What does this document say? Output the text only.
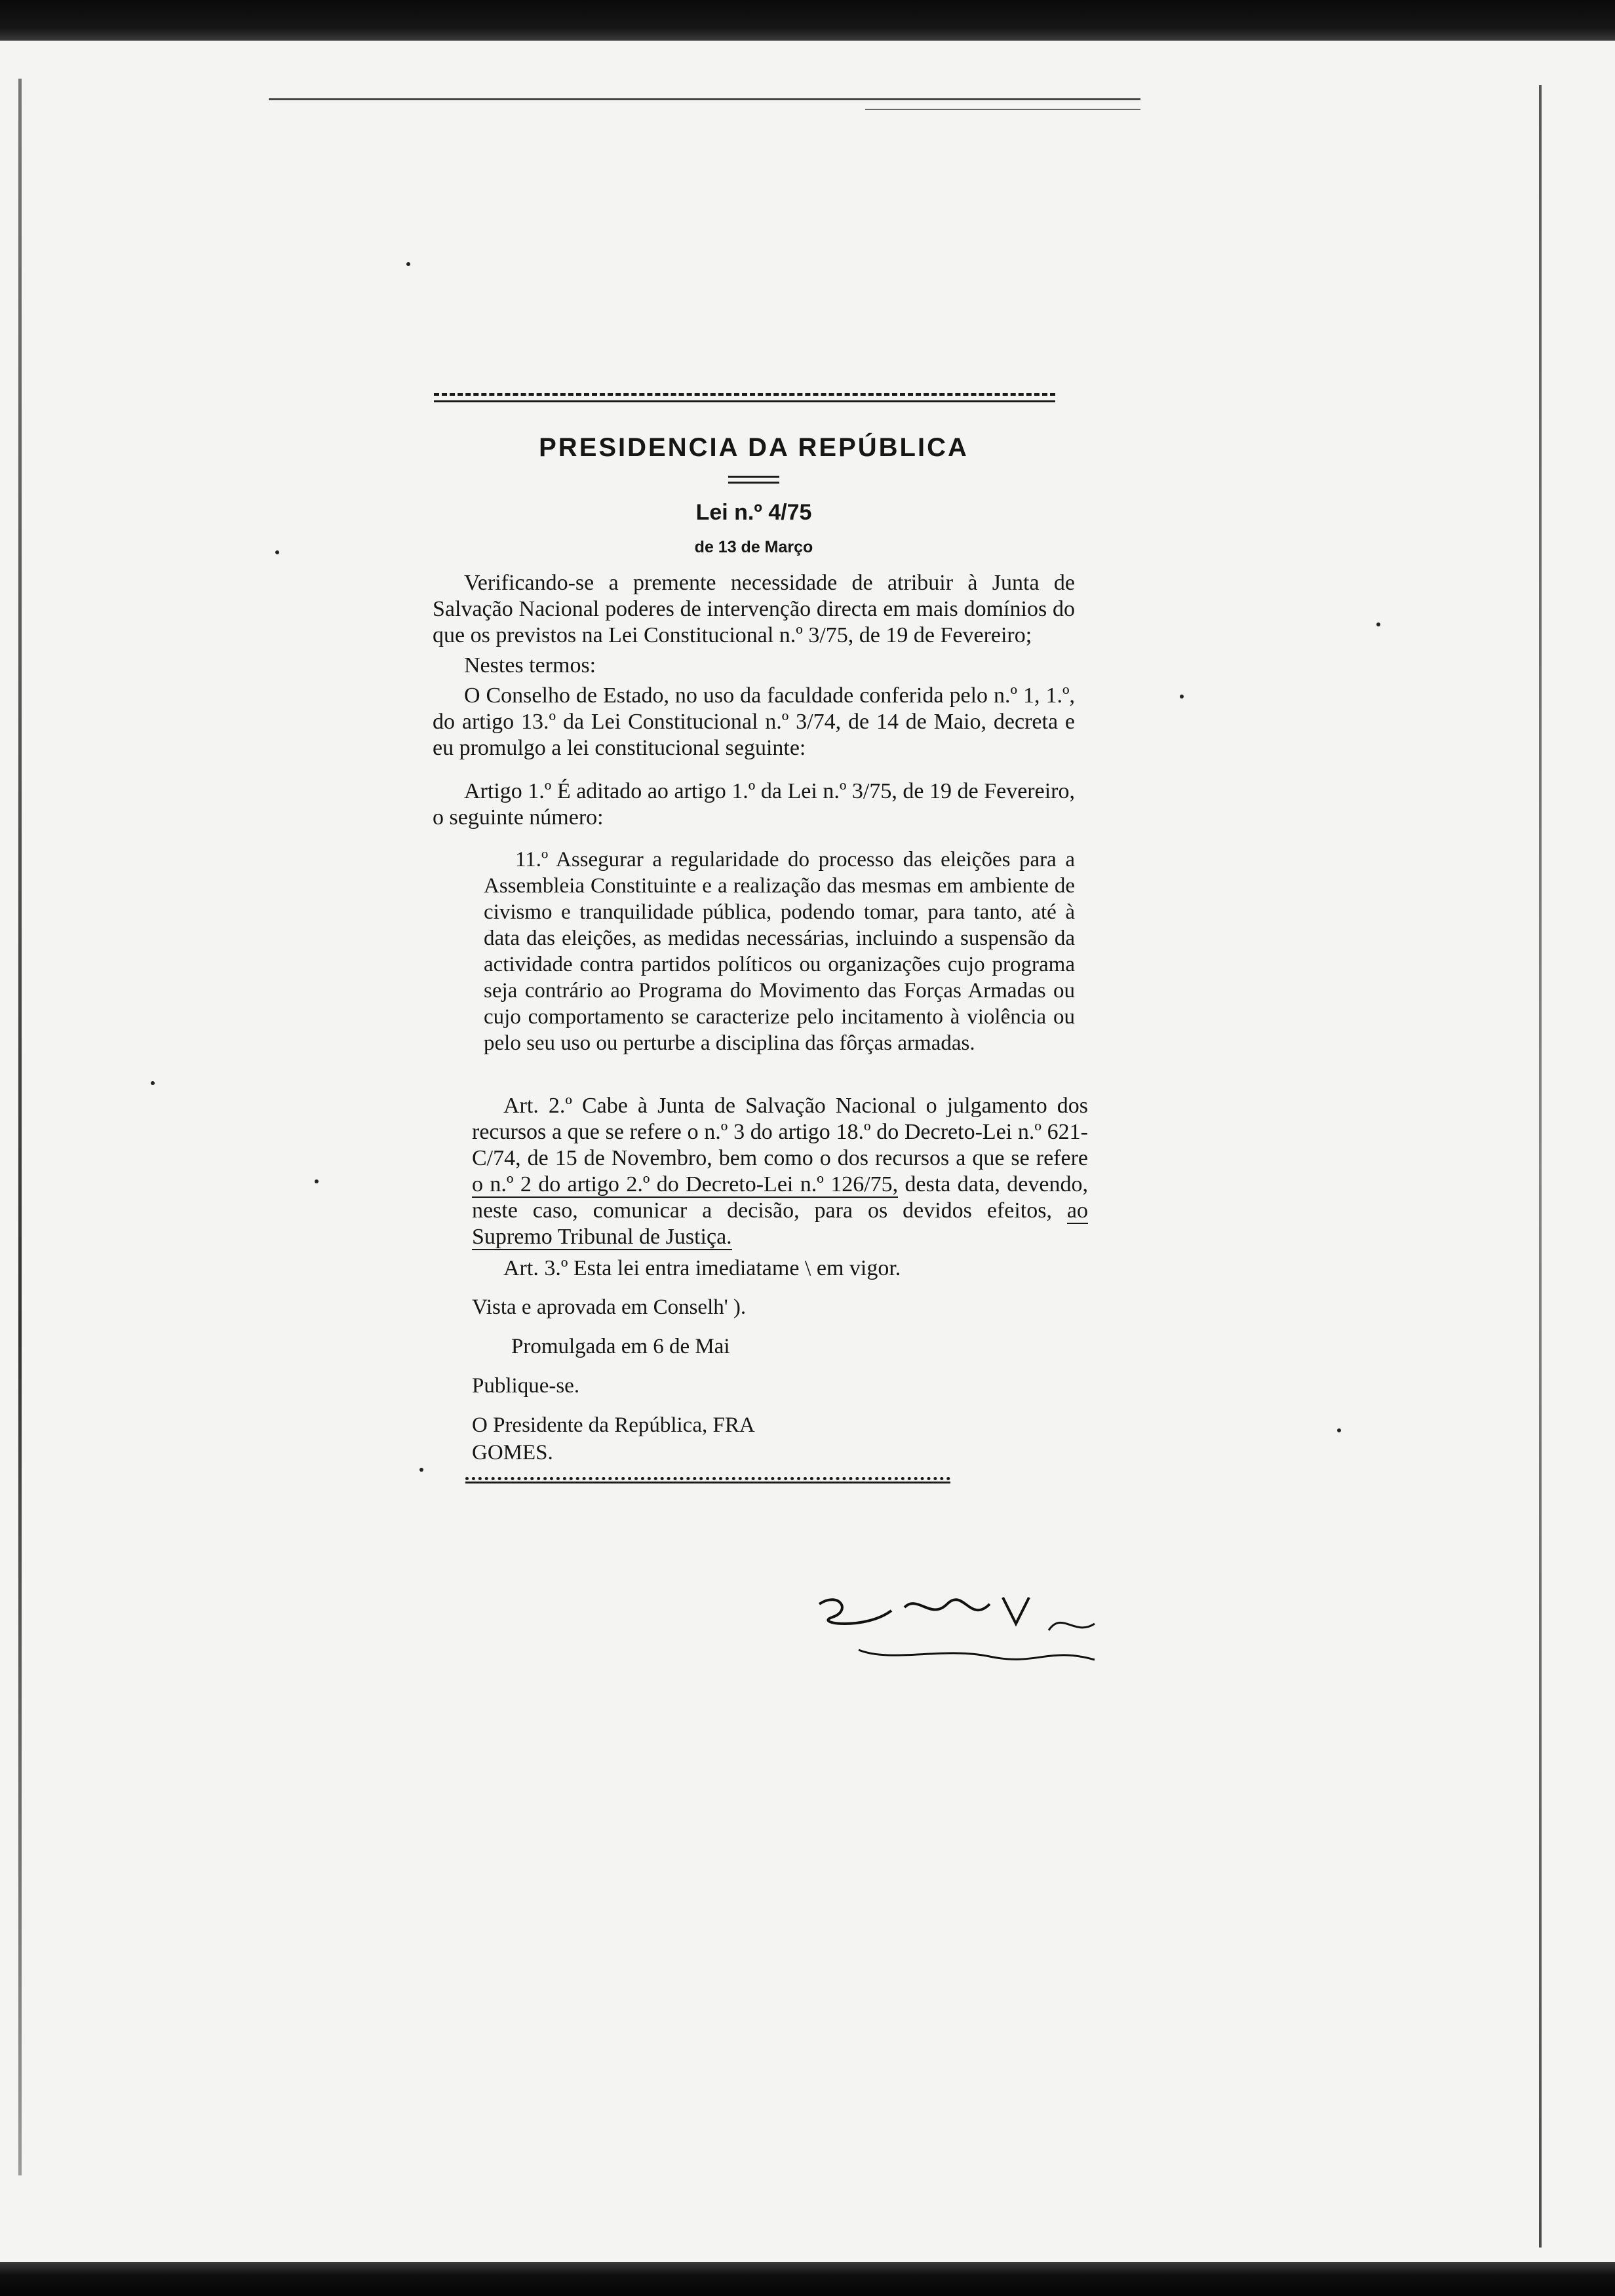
PRESIDENCIA DA REPÚBLICA
Lei n.º 4/75
de 13 de Março

Verificando-se a premente necessidade de atribuir à Junta de Salvação Nacional poderes de intervenção directa em mais domínios do que os previstos na Lei Constitucional n.º 3/75, de 19 de Fevereiro;

Nestes termos:

O Conselho de Estado, no uso da faculdade conferida pelo n.º 1, 1.º, do artigo 13.º da Lei Constitucional n.º 3/74, de 14 de Maio, decreta e eu promulgo a lei constitucional seguinte:

Artigo 1.º É aditado ao artigo 1.º da Lei n.º 3/75, de 19 de Fevereiro, o seguinte número:

11.º Assegurar a regularidade do processo das eleições para a Assembleia Constituinte e a realização das mesmas em ambiente de civismo e tranquilidade pública, podendo tomar, para tanto, até à data das eleições, as medidas necessárias, incluindo a suspensão da actividade contra partidos políticos ou organizações cujo programa seja contrário ao Programa do Movimento das Forças Armadas ou cujo comportamento se caracterize pelo incitamento à violência ou pelo seu uso ou perturbe a disciplina das fôrças armadas.

Art. 2.º Cabe à Junta de Salvação Nacional o julgamento dos recursos a que se refere o n.º 3 do artigo 18.º do Decreto-Lei n.º 621-C/74, de 15 de Novembro, bem como o dos recursos a que se refere o n.º 2 do artigo 2.º do Decreto-Lei n.º 126/75, desta data, devendo, neste caso, comunicar a decisão, para os devidos efeitos, ao Supremo Tribunal de Justiça.

Art. 3.º Esta lei entra imediatame \ em vigor.

Vista e aprovada em Conselh' ).
Promulgada em 6 de Mai
Publique-se.
O Presidente da República, FRA
GOMES.
